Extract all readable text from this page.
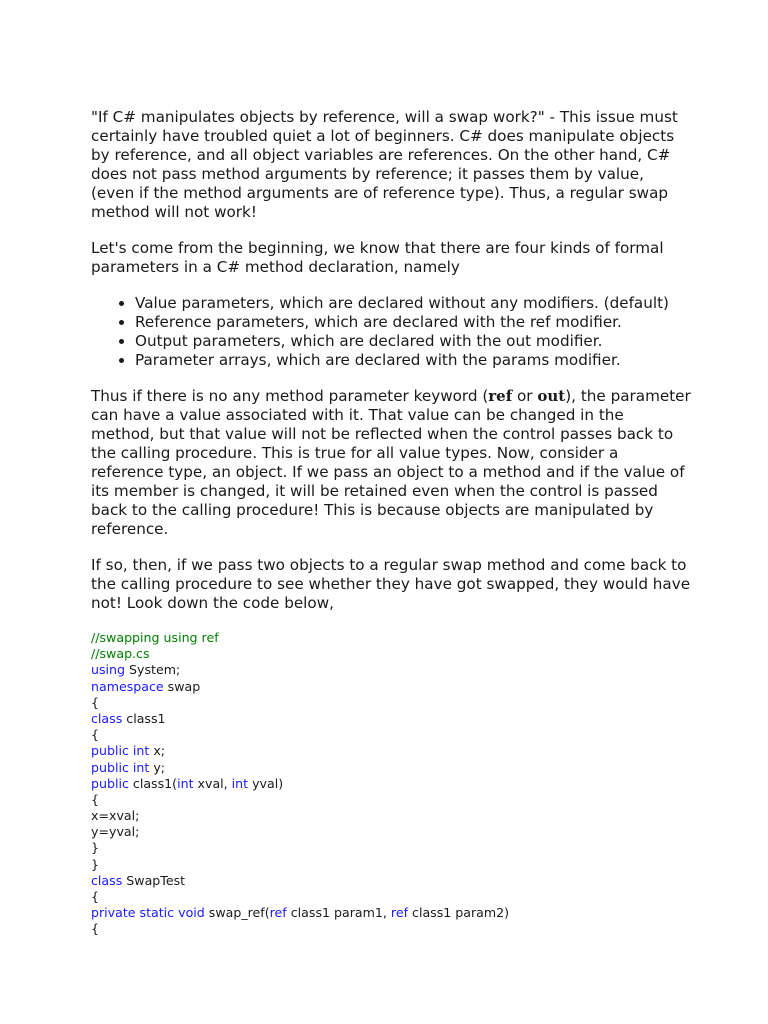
"If C# manipulates objects by reference, will a swap work?" - This issue must certainly have troubled quiet a lot of beginners. C# does manipulate objects by reference, and all object variables are references. On the other hand, C# does not pass method arguments by reference; it passes them by value, (even if the method arguments are of reference type). Thus, a regular swap method will not work!

Let's come from the beginning, we know that there are four kinds of formal parameters in a C# method declaration, namely

• Value parameters, which are declared without any modifiers. (default)
• Reference parameters, which are declared with the ref modifier.
• Output parameters, which are declared with the out modifier.
• Parameter arrays, which are declared with the params modifier.

Thus if there is no any method parameter keyword (ref or out), the parameter can have a value associated with it. That value can be changed in the method, but that value will not be reflected when the control passes back to the calling procedure. This is true for all value types. Now, consider a reference type, an object. If we pass an object to a method and if the value of its member is changed, it will be retained even when the control is passed back to the calling procedure! This is because objects are manipulated by reference.

If so, then, if we pass two objects to a regular swap method and come back to the calling procedure to see whether they have got swapped, they would have not! Look down the code below,

//swapping using ref
//swap.cs
using System;
namespace swap
{
class class1
{
public int x;
public int y;
public class1(int xval, int yval)
{
x=xval;
y=yval;
}
}
class SwapTest
{
private static void swap_ref(ref class1 param1, ref class1 param2)
{
